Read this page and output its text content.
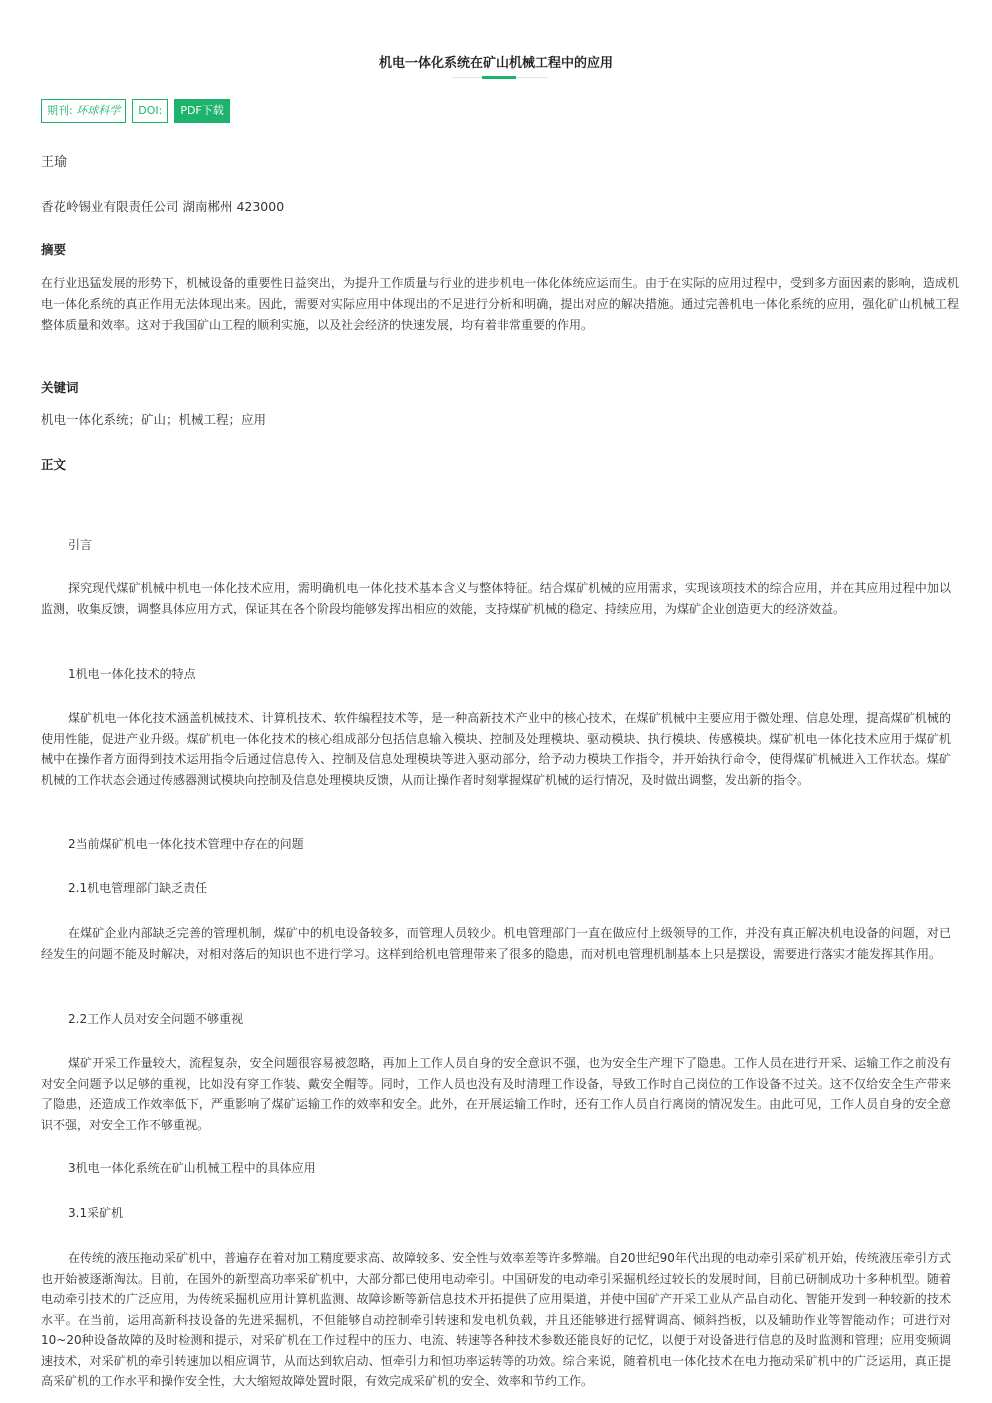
机电一体化系统在矿山机械工程中的应用
期刊: 环球科学	DOI:	PDF下载
王瑜
香花岭锡业有限责任公司 湖南郴州 423000
摘要

在行业迅猛发展的形势下，机械设备的重要性日益突出，为提升工作质量与行业的进步机电一体化体统应运而生。由于在实际的应用过程中，受到多方面因素的影响，造成机电一体化系统的真正作用无法体现出来。因此，需要对实际应用中体现出的不足进行分析和明确，提出对应的解决措施。通过完善机电一体化系统的应用，强化矿山机械工程整体质量和效率。这对于我国矿山工程的顺利实施，以及社会经济的快速发展，均有着非常重要的作用。

关键词
机电一体化系统；矿山；机械工程；应用
正文

引言

探究现代煤矿机械中机电一体化技术应用，需明确机电一体化技术基本含义与整体特征。结合煤矿机械的应用需求，实现该项技术的综合应用，并在其应用过程中加以监测，收集反馈，调整具体应用方式，保证其在各个阶段均能够发挥出相应的效能，支持煤矿机械的稳定、持续应用，为煤矿企业创造更大的经济效益。

1机电一体化技术的特点

煤矿机电一体化技术涵盖机械技术、计算机技术、软件编程技术等，是一种高新技术产业中的核心技术，在煤矿机械中主要应用于微处理、信息处理，提高煤矿机械的使用性能，促进产业升级。煤矿机电一体化技术的核心组成部分包括信息输入模块、控制及处理模块、驱动模块、执行模块、传感模块。煤矿机电一体化技术应用于煤矿机械中在操作者方面得到技术运用指令后通过信息传入、控制及信息处理模块等进入驱动部分，给予动力模块工作指令，并开始执行命令，使得煤矿机械进入工作状态。煤矿机械的工作状态会通过传感器测试模块向控制及信息处理模块反馈，从而让操作者时刻掌握煤矿机械的运行情况，及时做出调整，发出新的指令。

2当前煤矿机电一体化技术管理中存在的问题

2.1机电管理部门缺乏责任

在煤矿企业内部缺乏完善的管理机制，煤矿中的机电设备较多，而管理人员较少。机电管理部门一直在做应付上级领导的工作，并没有真正解决机电设备的问题，对已经发生的问题不能及时解决，对相对落后的知识也不进行学习。这样到给机电管理带来了很多的隐患，而对机电管理机制基本上只是摆设，需要进行落实才能发挥其作用。

2.2工作人员对安全问题不够重视

煤矿开采工作量较大，流程复杂，安全问题很容易被忽略，再加上工作人员自身的安全意识不强，也为安全生产埋下了隐患。工作人员在进行开采、运输工作之前没有对安全问题予以足够的重视，比如没有穿工作装、戴安全帽等。同时，工作人员也没有及时清理工作设备，导致工作时自己岗位的工作设备不过关。这不仅给安全生产带来了隐患，还造成工作效率低下，严重影响了煤矿运输工作的效率和安全。此外，在开展运输工作时，还有工作人员自行离岗的情况发生。由此可见，工作人员自身的安全意识不强，对安全工作不够重视。

3机电一体化系统在矿山机械工程中的具体应用

3.1采矿机

在传统的液压拖动采矿机中，普遍存在着对加工精度要求高、故障较多、安全性与效率差等许多弊端。自20世纪90年代出现的电动牵引采矿机开始，传统液压牵引方式也开始被逐渐淘汰。目前，在国外的新型高功率采矿机中，大部分都已使用电动牵引。中国研发的电动牵引采掘机经过较长的发展时间，目前已研制成功十多种机型。随着电动牵引技术的广泛应用，为传统采掘机应用计算机监测、故障诊断等新信息技术开拓提供了应用渠道，并使中国矿产开采工业从产品自动化、智能开发到一种较新的技术水平。在当前，运用高新科技设备的先进采掘机，不但能够自动控制牵引转速和发电机负载，并且还能够进行摇臂调高、倾斜挡板，以及辅助作业等智能动作；可进行对10~20种设备故障的及时检测和提示，对采矿机在工作过程中的压力、电流、转速等各种技术参数还能良好的记忆，以便于对设备进行信息的及时监测和管理；应用变频调速技术，对采矿机的牵引转速加以相应调节，从而达到软启动、恒牵引力和恒功率运转等的功效。综合来说，随着机电一体化技术在电力拖动采矿机中的广泛运用，真正提高采矿机的工作水平和操作安全性，大大缩短故障处置时限，有效完成采矿机的安全、效率和节约工作。
